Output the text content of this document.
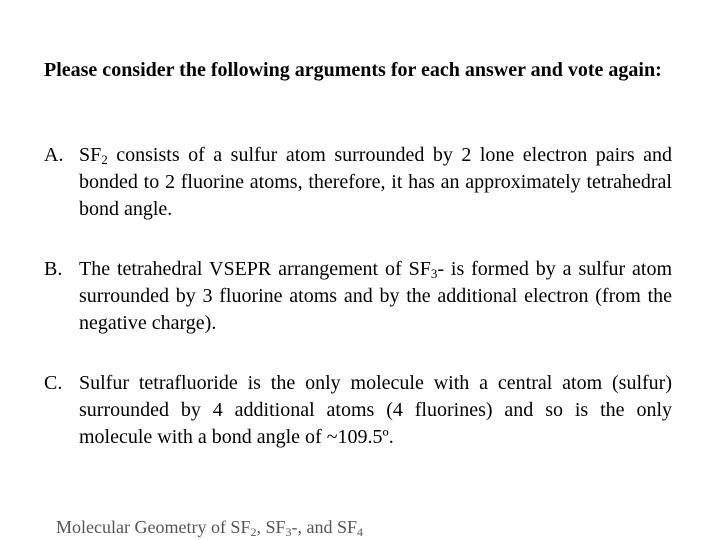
Please consider the following arguments for each answer and vote again:
A. $SF_2$ consists of a sulfur atom surrounded by 2 lone electron pairs and bonded to 2 fluorine atoms, therefore, it has an approximately tetrahedral bond angle.
B. The tetrahedral VSEPR arrangement of $SF_3-$ is formed by a sulfur atom surrounded by 3 fluorine atoms and by the additional electron (from the negative charge).
C. Sulfur tetrafluoride is the only molecule with a central atom (sulfur) surrounded by 4 additional atoms (4 fluorines) and so is the only molecule with a bond angle of ~109.5º.
Molecular Geometry of $SF_2$, $SF_3-$, and $SF_4$
